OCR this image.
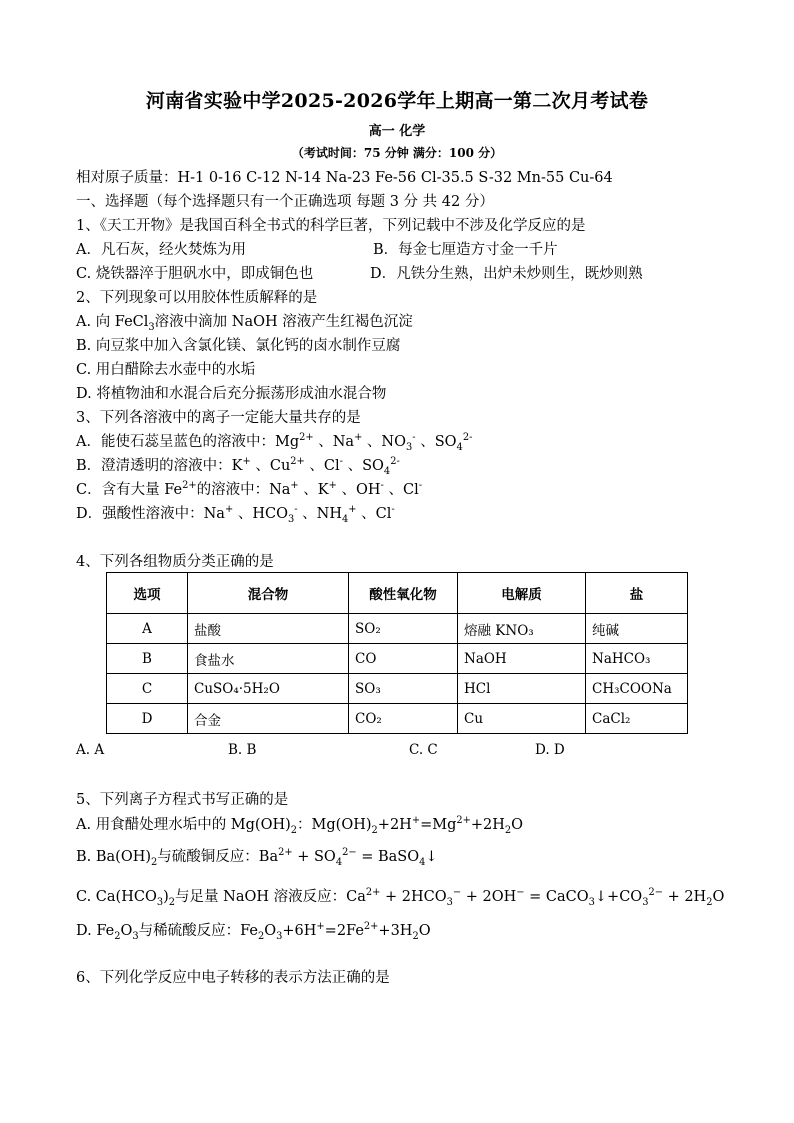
河南省实验中学2025-2026学年上期高一第二次月考试卷
高一 化学
（考试时间：75 分钟 满分：100 分）
相对原子质量：H-1 0-16 C-12 N-14 Na-23 Fe-56 Cl-35.5 S-32 Mn-55 Cu-64
一、选择题（每个选择题只有一个正确选项 每题 3 分 共 42 分）
1、《天工开物》是我国百科全书式的科学巨著，下列记载中不涉及化学反应的是
A．凡石灰，经火焚炼为用	B．每金七厘造方寸金一千片
C. 烧铁器淬于胆矾水中，即成铜色也	D．凡铁分生熟，出炉未炒则生，既炒则熟
2、下列现象可以用胶体性质解释的是
A. 向 FeCl$_3$溶液中滴加 NaOH 溶液产生红褐色沉淀
B. 向豆浆中加入含氯化镁、氯化钙的卤水制作豆腐
C. 用白醋除去水壶中的水垢
D. 将植物油和水混合后充分振荡形成油水混合物
3、下列各溶液中的离子一定能大量共存的是
A．能使石蕊呈蓝色的溶液中：$Mg^{2+}$ 、Na+ 、$NO_3^-$ 、$SO_4^{2-}$
B．澄清透明的溶液中：K+ 、$Cu^{2+}$ 、Cl- 、$SO_4^{2-}$
C．含有大量 $Fe^{2+}$的溶液中：Na+ 、K+ 、OH- 、Cl-
D．强酸性溶液中：Na+ 、$HCO_3^-$ 、$NH_4^+$ 、Cl-
4、下列各组物质分类正确的是
选项	混合物	酸性氧化物	电解质	盐
A	盐酸	SO₂	熔融 KNO₃	纯碱
B	食盐水	CO	NaOH	NaHCO₃
C	CuSO₄·5H₂O	SO₃	HCl	CH₃COONa
D	合金	CO₂	Cu	CaCl₂
A. A	B. B	C. C	D. D
5、下列离子方程式书写正确的是
A. 用食醋处理水垢中的 $Mg(OH)_2$：$Mg(OH)_2+2H^+=Mg^{2+}+2H_2O$
B. $Ba(OH)_2$与硫酸铜反应：$Ba^{2+} + SO_4^{2-}$ = BaSO$_4$↓
C. $Ca(HCO_3)_2$与足量 NaOH 溶液反应：$Ca^{2+} + 2HCO_3^- + 2OH^-$ = $CaCO_3↓+CO_3^{2-} + 2H_2O$
D. $Fe_2O_3$与稀硫酸反应：$Fe_2O_3+6H^+=2Fe^{2+}+3H_2O$
6、下列化学反应中电子转移的表示方法正确的是
